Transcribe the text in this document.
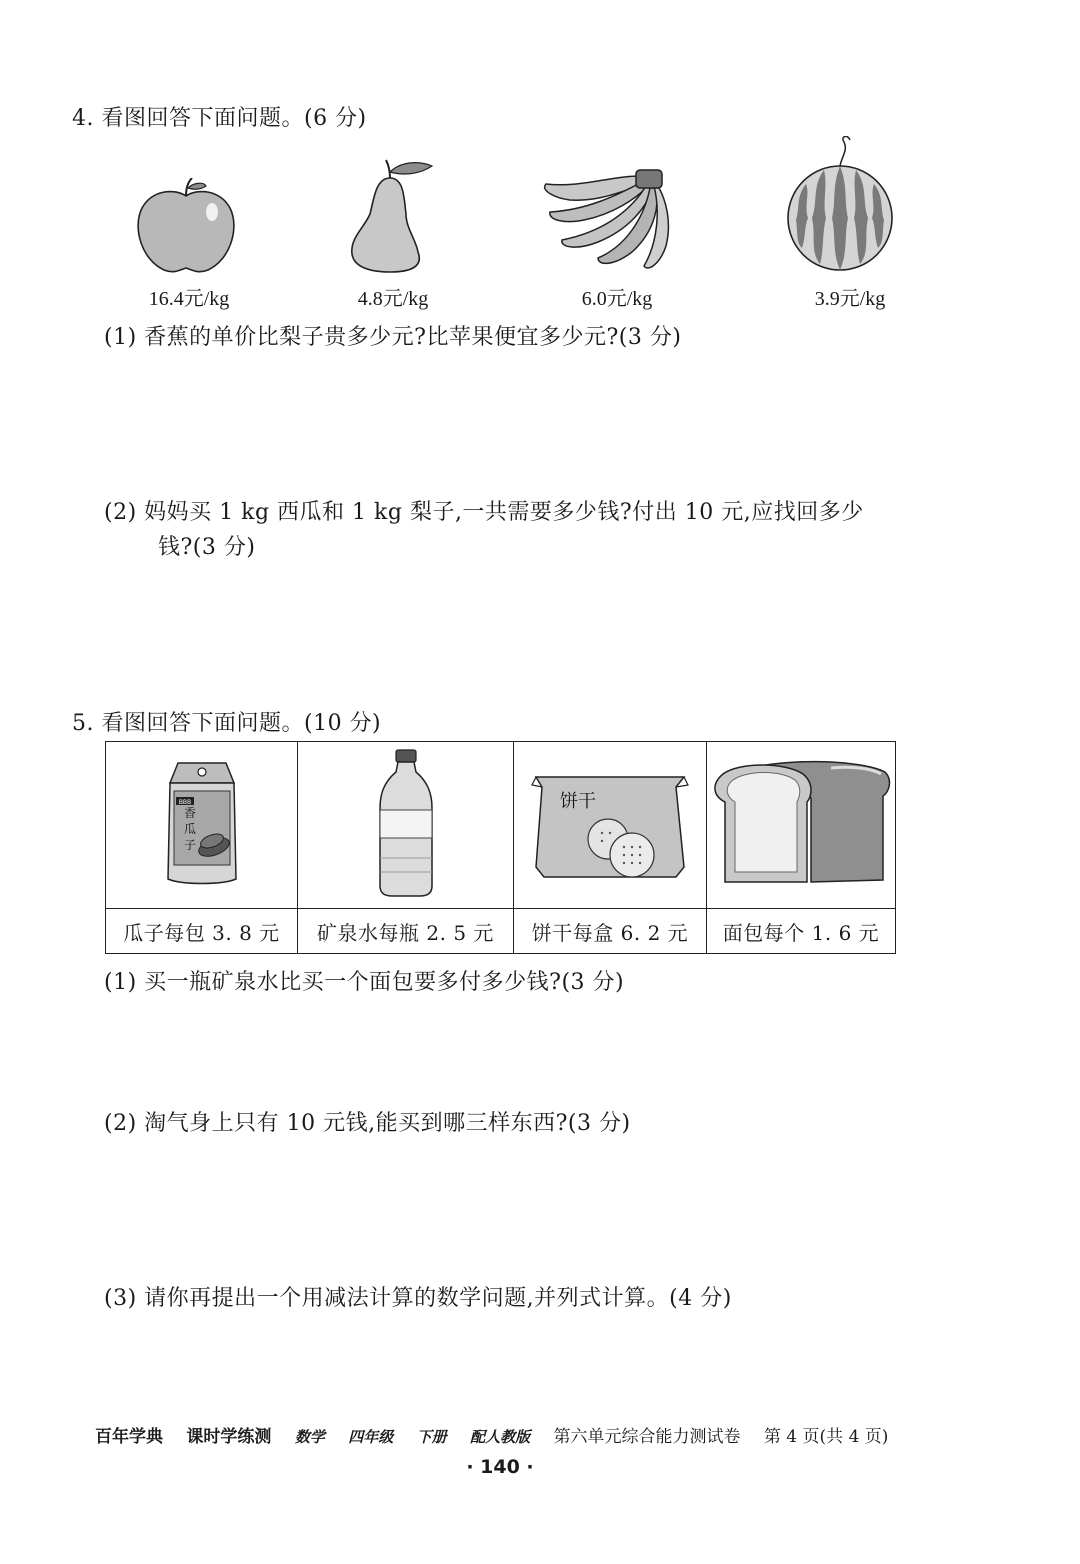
4. 看图回答下面问题。(6 分)
16.4元/kg	4.8元/kg	6.0元/kg	3.9元/kg
(1) 香蕉的单价比梨子贵多少元?比苹果便宜多少元?(3 分)
(2) 妈妈买 1 kg 西瓜和 1 kg 梨子,一共需要多少钱?付出 10 元,应找回多少
钱?(3 分)
5. 看图回答下面问题。(10 分)
BBB
香
瓜
子		饼干

瓜子每包 3. 8 元	矿泉水每瓶 2. 5 元	饼干每盒 6. 2 元	面包每个 1. 6 元
(1) 买一瓶矿泉水比买一个面包要多付多少钱?(3 分)
(2) 淘气身上只有 10 元钱,能买到哪三样东西?(3 分)
(3) 请你再提出一个用减法计算的数学问题,并列式计算。(4 分)
百年学典 课时学练测 数学 四年级 下册 配人教版 第六单元综合能力测试卷 第 4 页(共 4 页)
· 140 ·
